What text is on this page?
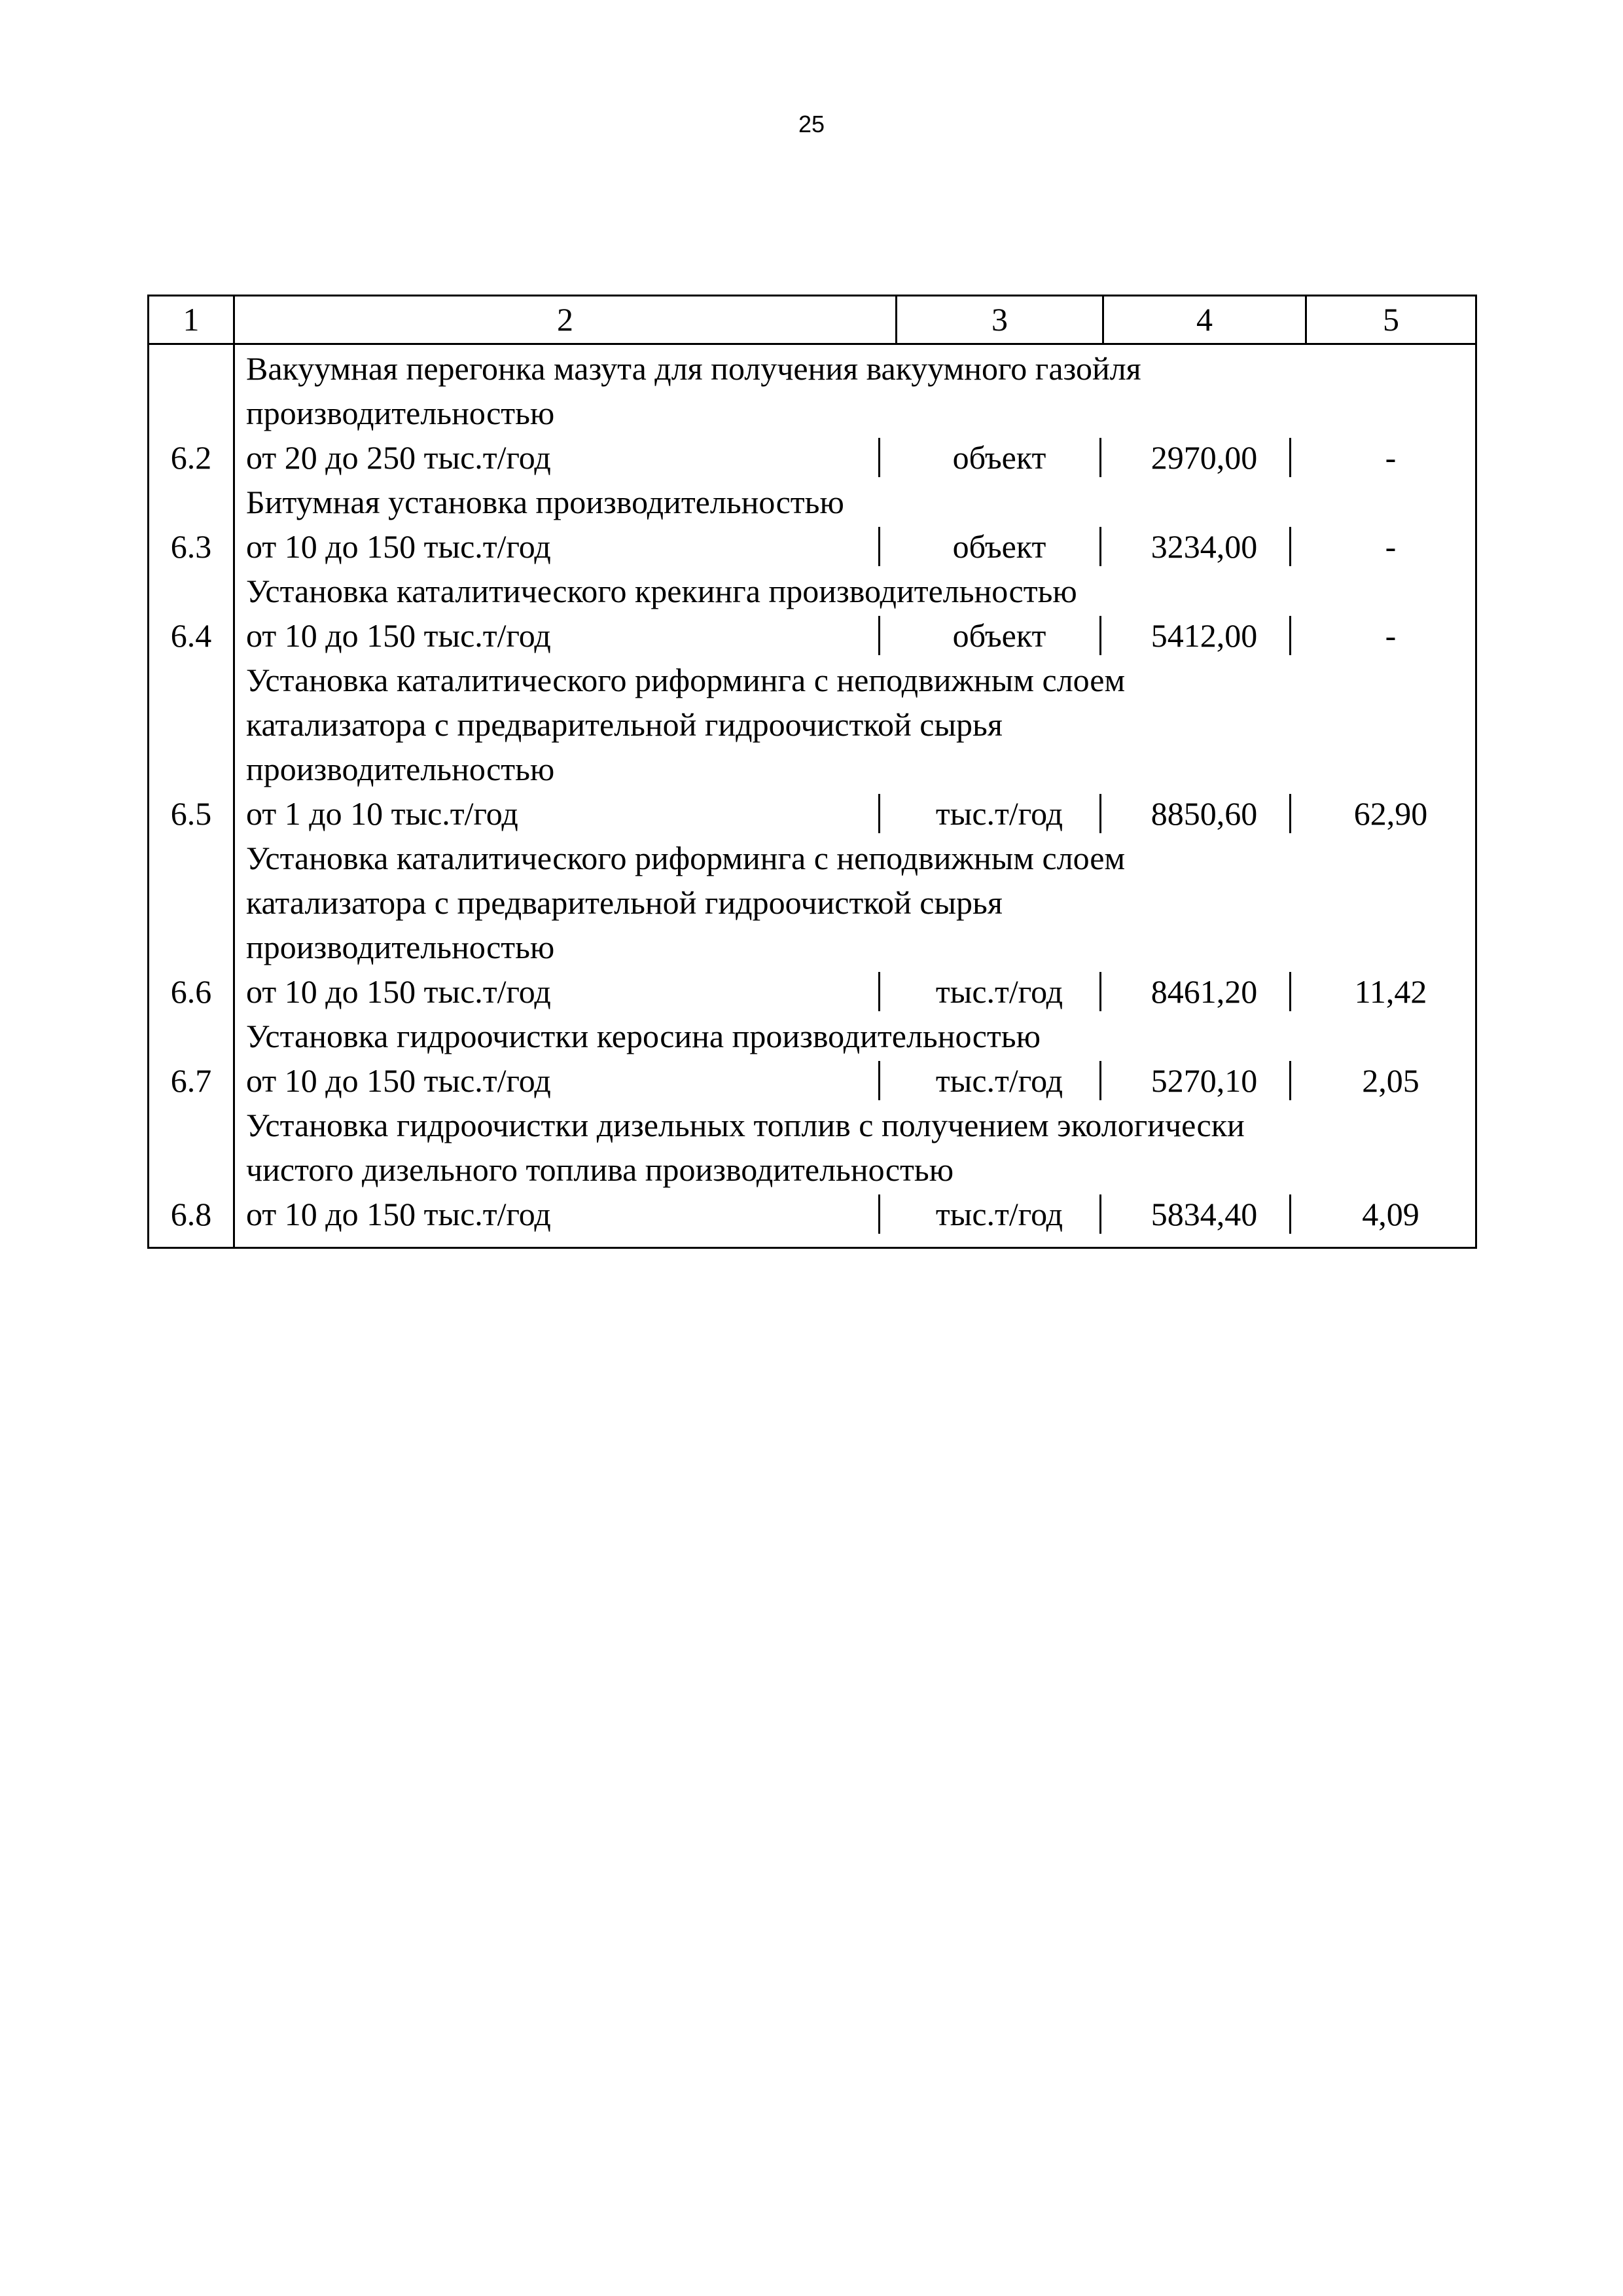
25
1	2	3	4	5
Вакуумная перегонка мазута для получения вакуумного газойля
производительностью
6.2	от 20 до 250 тыс.т/год	объект	2970,00	-
Битумная установка производительностью
6.3	от 10 до 150 тыс.т/год	объект	3234,00	-
Установка каталитического крекинга производительностью
6.4	от 10 до 150 тыс.т/год	объект	5412,00	-
Установка каталитического риформинга с неподвижным слоем
катализатора с предварительной гидроочисткой сырья
производительностью
6.5	от 1 до 10 тыс.т/год	тыс.т/год	8850,60	62,90
Установка каталитического риформинга с неподвижным слоем
катализатора с предварительной гидроочисткой сырья
производительностью
6.6	от 10 до 150 тыс.т/год	тыс.т/год	8461,20	11,42
Установка гидроочистки керосина производительностью
6.7	от 10 до 150 тыс.т/год	тыс.т/год	5270,10	2,05
Установка гидроочистки дизельных топлив с получением экологически
чистого дизельного топлива производительностью
6.8	от 10 до 150 тыс.т/год	тыс.т/год	5834,40	4,09
